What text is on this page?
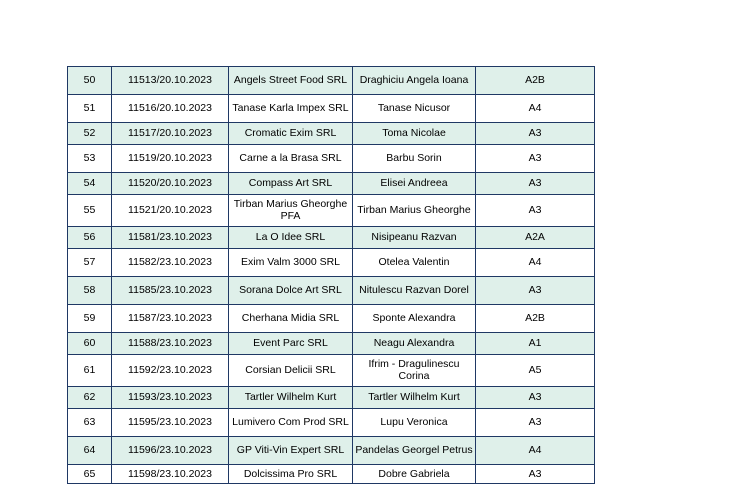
50	11513/20.10.2023	Angels Street Food SRL	Draghiciu Angela Ioana	A2B
51	11516/20.10.2023	Tanase Karla Impex SRL	Tanase Nicusor	A4
52	11517/20.10.2023	Cromatic Exim SRL	Toma Nicolae	A3
53	11519/20.10.2023	Carne a la Brasa SRL	Barbu Sorin	A3
54	11520/20.10.2023	Compass Art SRL	Elisei Andreea	A3
55	11521/20.10.2023	Tirban Marius Gheorghe PFA	Tirban Marius Gheorghe	A3
56	11581/23.10.2023	La O Idee SRL	Nisipeanu Razvan	A2A
57	11582/23.10.2023	Exim Valm 3000 SRL	Otelea Valentin	A4
58	11585/23.10.2023	Sorana Dolce Art SRL	Nitulescu Razvan Dorel	A3
59	11587/23.10.2023	Cherhana Midia SRL	Sponte Alexandra	A2B
60	11588/23.10.2023	Event Parc SRL	Neagu Alexandra	A1
61	11592/23.10.2023	Corsian Delicii SRL	Ifrim - Dragulinescu Corina	A5
62	11593/23.10.2023	Tartler Wilhelm Kurt	Tartler Wilhelm Kurt	A3
63	11595/23.10.2023	Lumivero Com Prod SRL	Lupu Veronica	A3
64	11596/23.10.2023	GP Viti-Vin Expert SRL	Pandelas Georgel Petrus	A4
65	11598/23.10.2023	Dolcissima Pro SRL	Dobre Gabriela	A3
